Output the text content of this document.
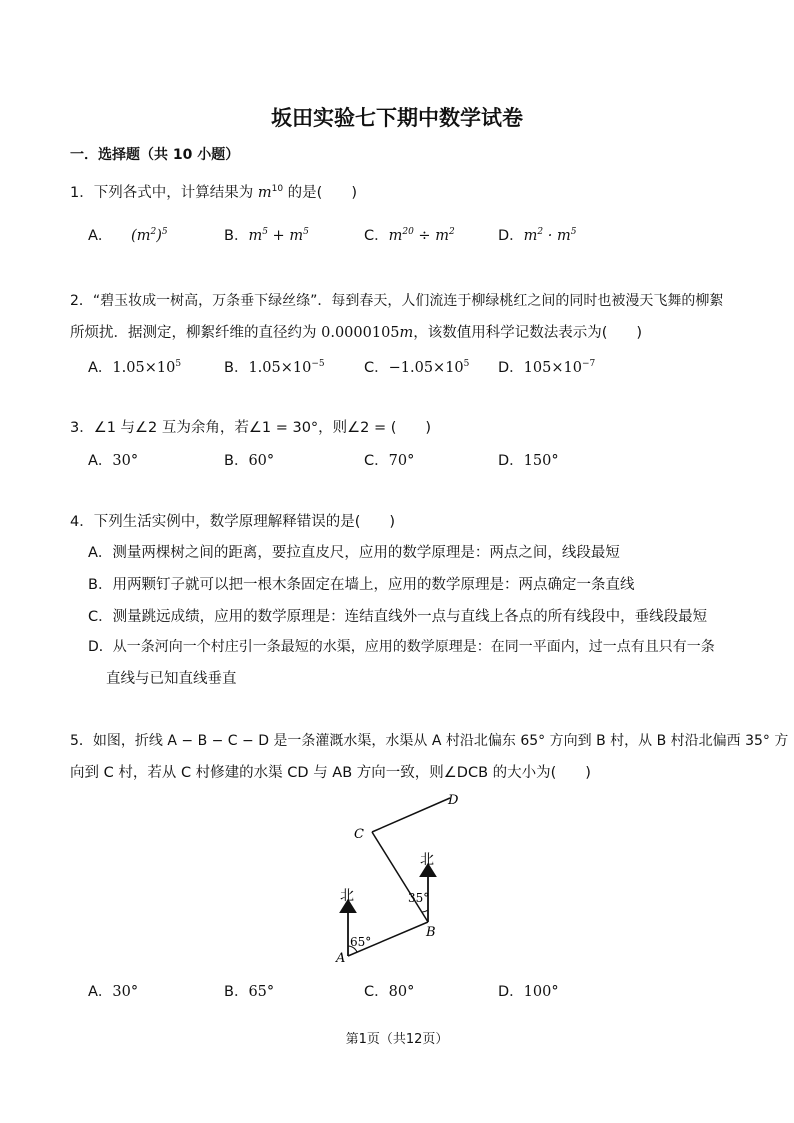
坂田实验七下期中数学试卷
一．选择题（共 10 小题）
1．下列各式中，计算结果为 $m^{10}$ 的是(　　)
A． $(m^2)^5$	B．$m^5 + m^5$	C．$m^{20} \div m^2$	D．$m^2 \cdot m^5$
2．“碧玉妆成一树高，万条垂下绿丝绦”．每到春天，人们流连于柳绿桃红之间的同时也被漫天飞舞的柳絮
所烦扰．据测定，柳絮纤维的直径约为 0.0000105m，该数值用科学记数法表示为(　　)
A．$1.05\times 10^5$	B．$1.05\times 10^{-5}$	C．$-1.05\times 10^5$ D．$105\times 10^{-7}$
3．∠1 与∠2 互为余角，若∠1 = 30°，则∠2 = (　　)
A．30°	B．60°	C．70°	D．150°
4．下列生活实例中，数学原理解释错误的是(　　)
A．测量两棵树之间的距离，要拉直皮尺，应用的数学原理是：两点之间，线段最短
B．用两颗钉子就可以把一根木条固定在墙上，应用的数学原理是：两点确定一条直线
C．测量跳远成绩，应用的数学原理是：连结直线外一点与直线上各点的所有线段中，垂线段最短
D．从一条河向一个村庄引一条最短的水渠，应用的数学原理是：在同一平面内，过一点有且只有一条
直线与已知直线垂直
5．如图，折线 A − B − C − D 是一条灌溉水渠，水渠从 A 村沿北偏东 65° 方向到 B 村，从 B 村沿北偏西 35° 方
向到 C 村，若从 C 村修建的水渠 CD 与 AB 方向一致，则∠DCB 的大小为(　　)
A
B
C
D
北
北
65°
35°
A．30°	B．65°	C．80°	D．100°
第1页（共12页）
